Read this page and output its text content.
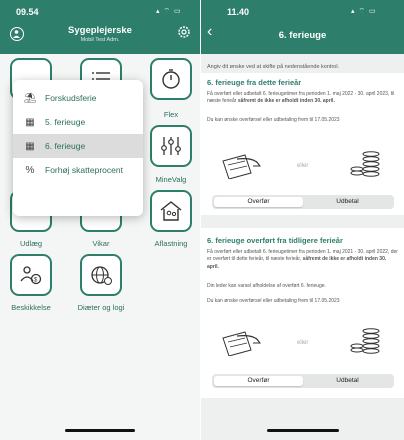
09.54	▴ ⌔ ▭
Sygeplejerske
Mobil Test Adm.
Flex
MineValg
Udlæg	Vikar	Aflastning
$
Beskikkelse	Diæter og logi
⛱ Forskudsferie
▦ 5. ferieuge
▦ 6. ferieuge
% Forhøj skatteprocent
11.40	▴ ⌔ ▭
‹	6. ferieuge
Angiv dit ønske ved at skifte på nedenstående kontrol.
6. ferieuge fra dette ferieår
Få overført eller udbetalt 6. ferieugetimer fra perioden 1. maj 2022 - 30. april 2023, til næste ferieår såfremt de ikke er afholdt inden 30. april.
Du kan ønske overførsel eller udbetaling frem til 17.05.2023
eller
Overfør	Udbetal
6. ferieuge overført fra tidligere ferieår
Få overført eller udbetalt 6. ferieugetimer fra perioden 1. maj 2021 - 30. april 2022, der er overført til dette ferieår, til næste ferieår, såfremt de ikke er afholdt inden 30. april.
Din leder kan varsel afholdelse af overført 6. ferieuge.
Du kan ønske overførsel eller udbetaling frem til 17.05.2023
eller
Overfør	Udbetal
